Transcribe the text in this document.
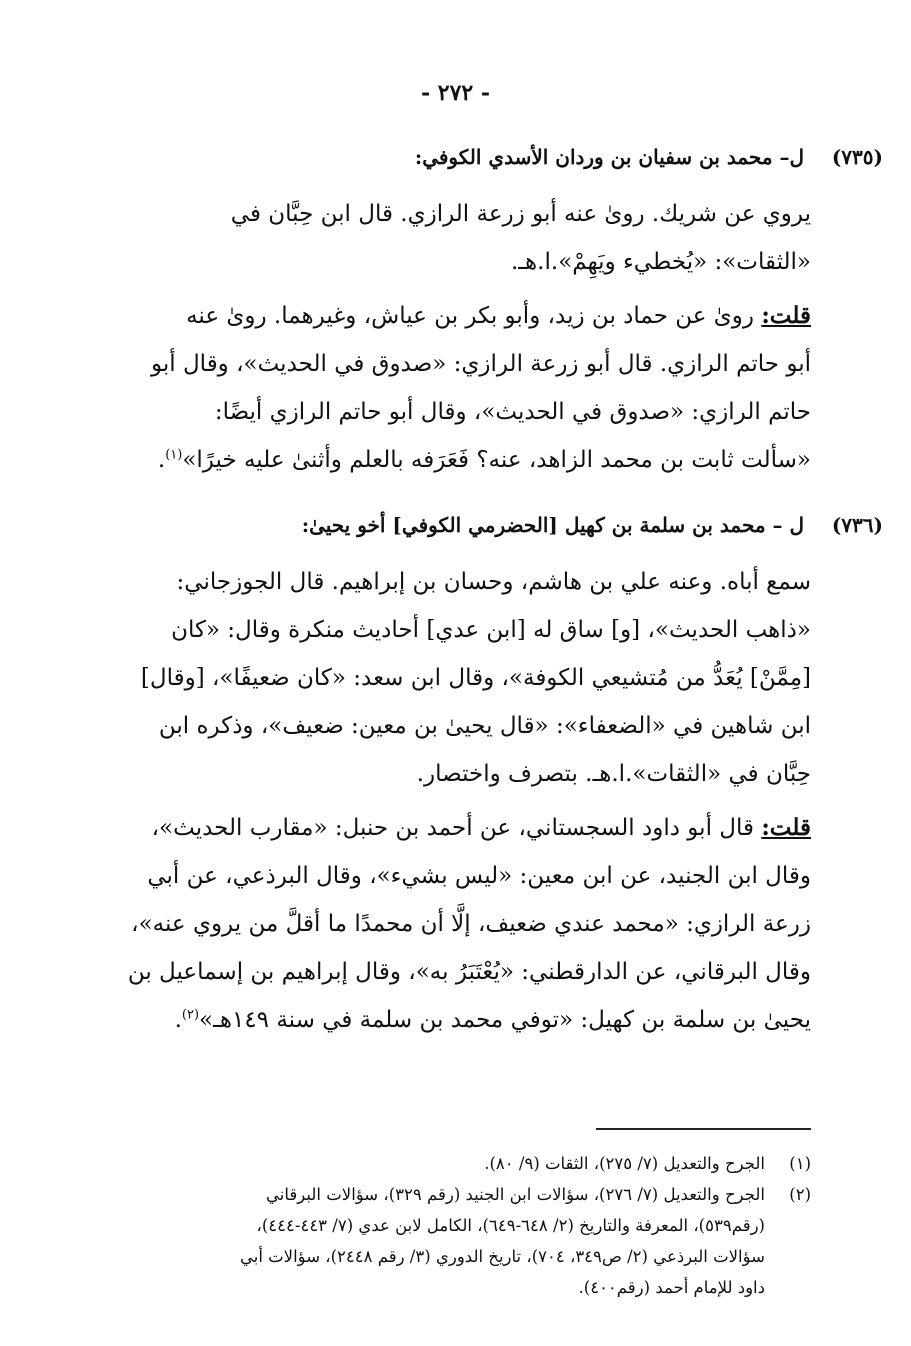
- ٢٧٢ -
(٧٣٥) ل– محمد بن سفيان بن وردان الأسدي الكوفي:
يروي عن شريك. روىٰ عنه أبو زرعة الرازي. قال ابن حِبَّان في
«الثقات»: «يُخطيء ويَهِمْ».ا.هـ.
قلت: روىٰ عن حماد بن زيد، وأبو بكر بن عياش، وغيرهما. روىٰ عنه
أبو حاتم الرازي. قال أبو زرعة الرازي: «صدوق في الحديث»، وقال أبو
حاتم الرازي: «صدوق في الحديث»، وقال أبو حاتم الرازي أيضًا:
«سألت ثابت بن محمد الزاهد، عنه؟ فَعَرَفه بالعلم وأثنىٰ عليه خيرًا»$^{(١)}$.
(٧٣٦) ل – محمد بن سلمة بن كهيل [الحضرمي الكوفي] أخو يحيىٰ:
سمع أباه. وعنه علي بن هاشم، وحسان بن إبراهيم. قال الجوزجاني:
«ذاهب الحديث»، [و] ساق له [ابن عدي] أحاديث منكرة وقال: «كان
[مِمَّنْ] يُعَدُّ من مُتشيعي الكوفة»، وقال ابن سعد: «كان ضعيفًا»، [وقال]
ابن شاهين في «الضعفاء»: «قال يحيىٰ بن معين: ضعيف»، وذكره ابن
حِبَّان في «الثقات».ا.هـ. بتصرف واختصار.
قلت: قال أبو داود السجستاني، عن أحمد بن حنبل: «مقارب الحديث»،
وقال ابن الجنيد، عن ابن معين: «ليس بشيء»، وقال البرذعي، عن أبي
زرعة الرازي: «محمد عندي ضعيف، إلَّا أن محمدًا ما أقلَّ من يروي عنه»،
وقال البرقاني، عن الدارقطني: «يُعْتَبَرُ به»، وقال إبراهيم بن إسماعيل بن
يحيىٰ بن سلمة بن كهيل: «توفي محمد بن سلمة في سنة ١٤٩هـ»$^{(٢)}$.
(١)
الجرح والتعديل (٧/ ٢٧٥)، الثقات (٩/ ٨٠).
(٢)
الجرح والتعديل (٧/ ٢٧٦)، سؤالات ابن الجنيد (رقم ٣٢٩)، سؤالات البرقاني
(رقم٥٣٩)، المعرفة والتاريخ (٢/ ٦٤٨-٦٤٩)، الكامل لابن عدي (٧/ ٤٤٣-٤٤٤)،
سؤالات البرذعي (٢/ ص٣٤٩، ٧٠٤)، تاريخ الدوري (٣/ رقم ٢٤٤٨)، سؤالات أبي
داود للإمام أحمد (رقم٤٠٠).
